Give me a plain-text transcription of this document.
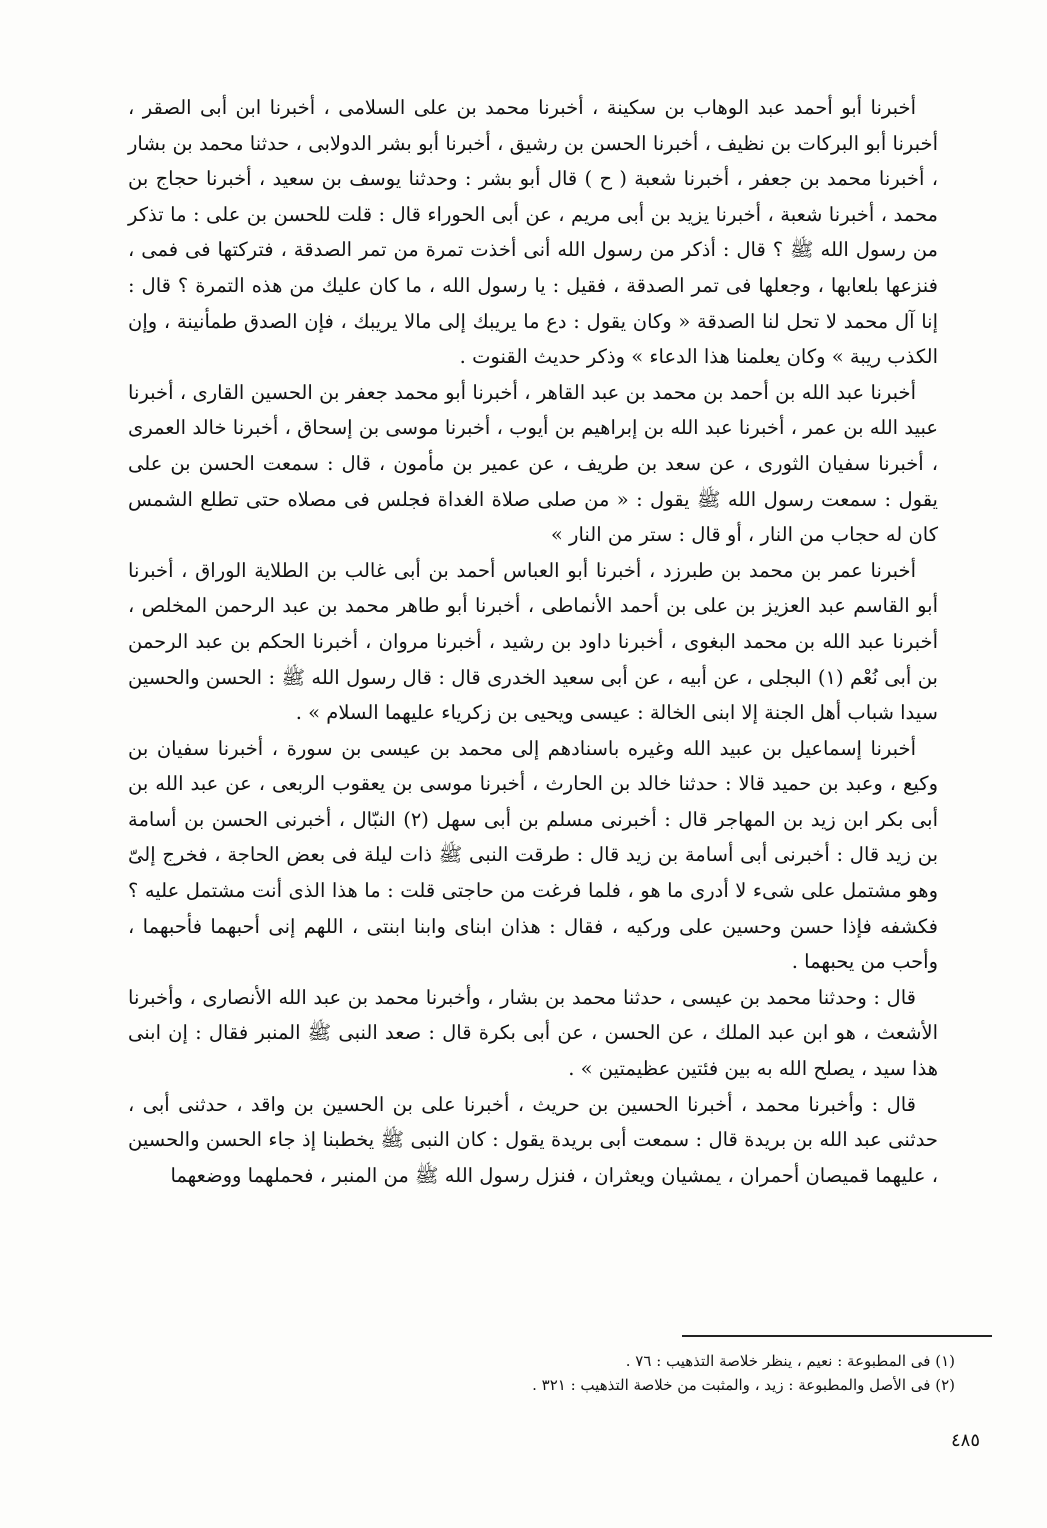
أخبرنا أبو أحمد عبد الوهاب بن سكينة ، أخبرنا محمد بن على السلامى ، أخبرنا ابن أبى الصقر ، أخبرنا أبو البركات بن نظيف ، أخبرنا الحسن بن رشيق ، أخبرنا أبو بشر الدولابى ، حدثنا محمد بن بشار ، أخبرنا محمد بن جعفر ، أخبرنا شعبة ( ح ) قال أبو بشر : وحدثنا يوسف بن سعيد ، أخبرنا حجاج بن محمد ، أخبرنا شعبة ، أخبرنا يزيد بن أبى مريم ، عن أبى الحوراء قال : قلت للحسن بن على : ما تذكر من رسول الله ﷺ ؟ قال : أذكر من رسول الله أنى أخذت تمرة من تمر الصدقة ، فتركتها فى فمى ، فنزعها بلعابها ، وجعلها فى تمر الصدقة ، فقيل : يا رسول الله ، ما كان عليك من هذه التمرة ؟ قال : إنا آل محمد لا تحل لنا الصدقة « وكان يقول : دع ما يريبك إلى مالا يريبك ، فإن الصدق طمأنينة ، وإن الكذب ريبة » وكان يعلمنا هذا الدعاء » وذكر حديث القنوت .

أخبرنا عبد الله بن أحمد بن محمد بن عبد القاهر ، أخبرنا أبو محمد جعفر بن الحسين القارى ، أخبرنا عبيد الله بن عمر ، أخبرنا عبد الله بن إبراهيم بن أيوب ، أخبرنا موسى بن إسحاق ، أخبرنا خالد العمرى ، أخبرنا سفيان الثورى ، عن سعد بن طريف ، عن عمير بن مأمون ، قال : سمعت الحسن بن على يقول : سمعت رسول الله ﷺ يقول : « من صلى صلاة الغداة فجلس فى مصلاه حتى تطلع الشمس كان له حجاب من النار ، أو قال : ستر من النار »

أخبرنا عمر بن محمد بن طبرزد ، أخبرنا أبو العباس أحمد بن أبى غالب بن الطلاية الوراق ، أخبرنا أبو القاسم عبد العزيز بن على بن أحمد الأنماطى ، أخبرنا أبو طاهر محمد بن عبد الرحمن المخلص ، أخبرنا عبد الله بن محمد البغوى ، أخبرنا داود بن رشيد ، أخبرنا مروان ، أخبرنا الحكم بن عبد الرحمن بن أبى نُعْم (١) البجلى ، عن أبيه ، عن أبى سعيد الخدرى قال : قال رسول الله ﷺ : الحسن والحسين سيدا شباب أهل الجنة إلا ابنى الخالة : عيسى ويحيى بن زكرياء عليهما السلام » .

أخبرنا إسماعيل بن عبيد الله وغيره باسنادهم إلى محمد بن عيسى بن سورة ، أخبرنا سفيان بن وكيع ، وعبد بن حميد قالا : حدثنا خالد بن الحارث ، أخبرنا موسى بن يعقوب الربعى ، عن عبد الله بن أبى بكر ابن زيد بن المهاجر قال : أخبرنى مسلم بن أبى سهل (٢) النبّال ، أخبرنى الحسن بن أسامة بن زيد قال : أخبرنى أبى أسامة بن زيد قال : طرقت النبى ﷺ ذات ليلة فى بعض الحاجة ، فخرج إلىّ وهو مشتمل على شىء لا أدرى ما هو ، فلما فرغت من حاجتى قلت : ما هذا الذى أنت مشتمل عليه ؟ فكشفه فإذا حسن وحسين على وركيه ، فقال : هذان ابناى وابنا ابنتى ، اللهم إنى أحبهما فأحبهما ، وأحب من يحبهما .

قال : وحدثنا محمد بن عيسى ، حدثنا محمد بن بشار ، وأخبرنا محمد بن عبد الله الأنصارى ، وأخبرنا الأشعث ، هو ابن عبد الملك ، عن الحسن ، عن أبى بكرة قال : صعد النبى ﷺ المنبر فقال : إن ابنى هذا سيد ، يصلح الله به بين فئتين عظيمتين » .

قال : وأخبرنا محمد ، أخبرنا الحسين بن حريث ، أخبرنا على بن الحسين بن واقد ، حدثنى أبى ، حدثنى عبد الله بن بريدة قال : سمعت أبى بريدة يقول : كان النبى ﷺ يخطبنا إذ جاء الحسن والحسين ، عليهما قميصان أحمران ، يمشيان ويعثران ، فنزل رسول الله ﷺ من المنبر ، فحملهما ووضعهما

(١) فى المطبوعة : نعيم ، ينظر خلاصة التذهيب : ٧٦ .

(٢) فى الأصل والمطبوعة : زيد ، والمثبت من خلاصة التذهيب : ٣٢١ .

٤٨٥
